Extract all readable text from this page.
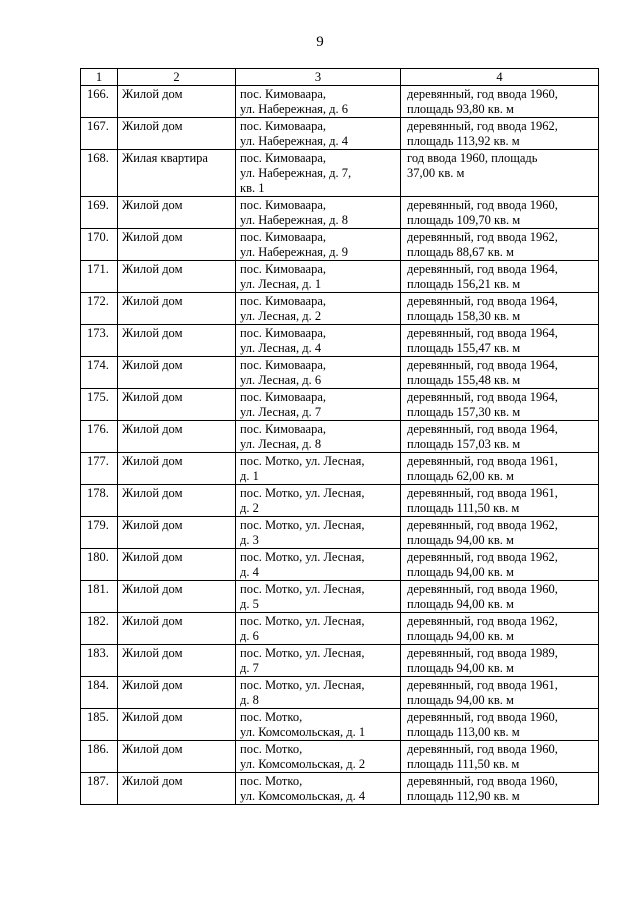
9
1	2	3	4
166.	Жилой дом	пос. Кимоваара,
ул. Набережная, д. 6	деревянный, год ввода 1960,
площадь 93,80 кв. м
167.	Жилой дом	пос. Кимоваара,
ул. Набережная, д. 4	деревянный, год ввода 1962,
площадь 113,92 кв. м
168.	Жилая квартира	пос. Кимоваара,
ул. Набережная, д. 7,
кв. 1	год ввода 1960, площадь
37,00 кв. м
169.	Жилой дом	пос. Кимоваара,
ул. Набережная, д. 8	деревянный, год ввода 1960,
площадь 109,70 кв. м
170.	Жилой дом	пос. Кимоваара,
ул. Набережная, д. 9	деревянный, год ввода 1962,
площадь 88,67 кв. м
171.	Жилой дом	пос. Кимоваара,
ул. Лесная, д. 1	деревянный, год ввода 1964,
площадь 156,21 кв. м
172.	Жилой дом	пос. Кимоваара,
ул. Лесная, д. 2	деревянный, год ввода 1964,
площадь 158,30 кв. м
173.	Жилой дом	пос. Кимоваара,
ул. Лесная, д. 4	деревянный, год ввода 1964,
площадь 155,47 кв. м
174.	Жилой дом	пос. Кимоваара,
ул. Лесная, д. 6	деревянный, год ввода 1964,
площадь 155,48 кв. м
175.	Жилой дом	пос. Кимоваара,
ул. Лесная, д. 7	деревянный, год ввода 1964,
площадь 157,30 кв. м
176.	Жилой дом	пос. Кимоваара,
ул. Лесная, д. 8	деревянный, год ввода 1964,
площадь 157,03 кв. м
177.	Жилой дом	пос. Мотко, ул. Лесная,
д. 1	деревянный, год ввода 1961,
площадь 62,00 кв. м
178.	Жилой дом	пос. Мотко, ул. Лесная,
д. 2	деревянный, год ввода 1961,
площадь 111,50 кв. м
179.	Жилой дом	пос. Мотко, ул. Лесная,
д. 3	деревянный, год ввода 1962,
площадь 94,00 кв. м
180.	Жилой дом	пос. Мотко, ул. Лесная,
д. 4	деревянный, год ввода 1962,
площадь 94,00 кв. м
181.	Жилой дом	пос. Мотко, ул. Лесная,
д. 5	деревянный, год ввода 1960,
площадь 94,00 кв. м
182.	Жилой дом	пос. Мотко, ул. Лесная,
д. 6	деревянный, год ввода 1962,
площадь 94,00 кв. м
183.	Жилой дом	пос. Мотко, ул. Лесная,
д. 7	деревянный, год ввода 1989,
площадь 94,00 кв. м
184.	Жилой дом	пос. Мотко, ул. Лесная,
д. 8	деревянный, год ввода 1961,
площадь 94,00 кв. м
185.	Жилой дом	пос. Мотко,
ул. Комсомольская, д. 1	деревянный, год ввода 1960,
площадь 113,00 кв. м
186.	Жилой дом	пос. Мотко,
ул. Комсомольская, д. 2	деревянный, год ввода 1960,
площадь 111,50 кв. м
187.	Жилой дом	пос. Мотко,
ул. Комсомольская, д. 4	деревянный, год ввода 1960,
площадь 112,90 кв. м
